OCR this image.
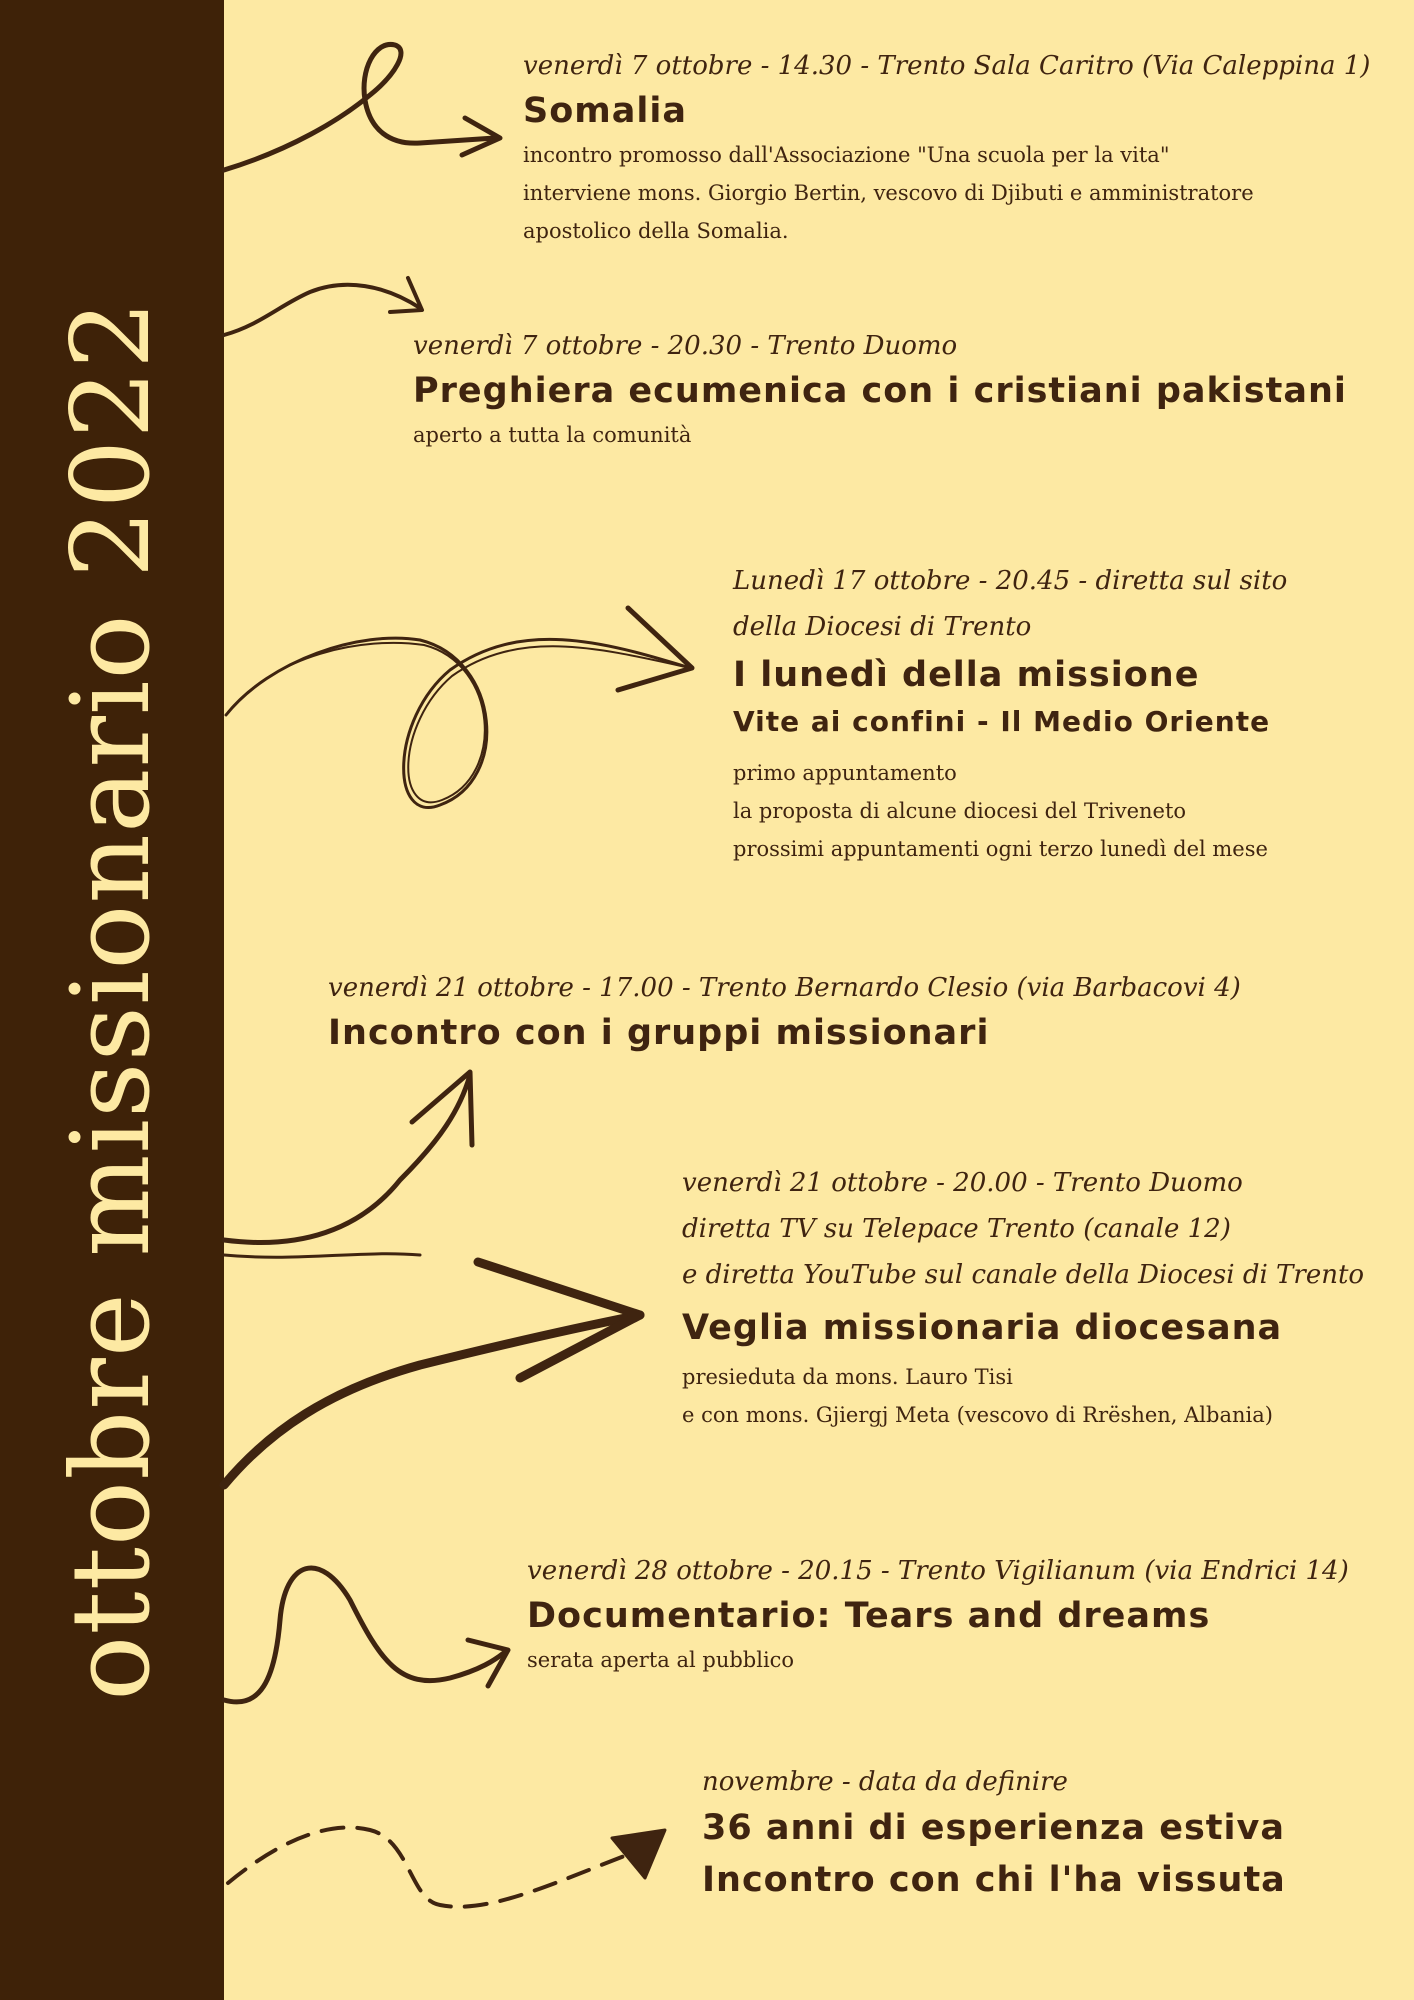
ottobre missionario 2022
venerdì 7 ottobre - 14.30 - Trento Sala Caritro (Via Caleppina 1)
Somalia
incontro promosso dall'Associazione "Una scuola per la vita"
interviene mons. Giorgio Bertin, vescovo di Djibuti e amministratore
apostolico della Somalia.
venerdì 7 ottobre - 20.30 - Trento Duomo
Preghiera ecumenica con i cristiani pakistani
aperto a tutta la comunità
Lunedì 17 ottobre - 20.45 - diretta sul sito
della Diocesi di Trento
I lunedì della missione
Vite ai confini - Il Medio Oriente
primo appuntamento
la proposta di alcune diocesi del Triveneto
prossimi appuntamenti ogni terzo lunedì del mese
venerdì 21 ottobre - 17.00 - Trento Bernardo Clesio (via Barbacovi 4)
Incontro con i gruppi missionari
venerdì 21 ottobre - 20.00 - Trento Duomo
diretta TV su Telepace Trento (canale 12)
e diretta YouTube sul canale della Diocesi di Trento
Veglia missionaria diocesana
presieduta da mons. Lauro Tisi
e con mons. Gjiergj Meta (vescovo di Rrëshen, Albania)
venerdì 28 ottobre - 20.15 - Trento Vigilianum (via Endrici 14)
Documentario: Tears and dreams
serata aperta al pubblico
novembre - data da definire
36 anni di esperienza estiva
Incontro con chi l'ha vissuta
